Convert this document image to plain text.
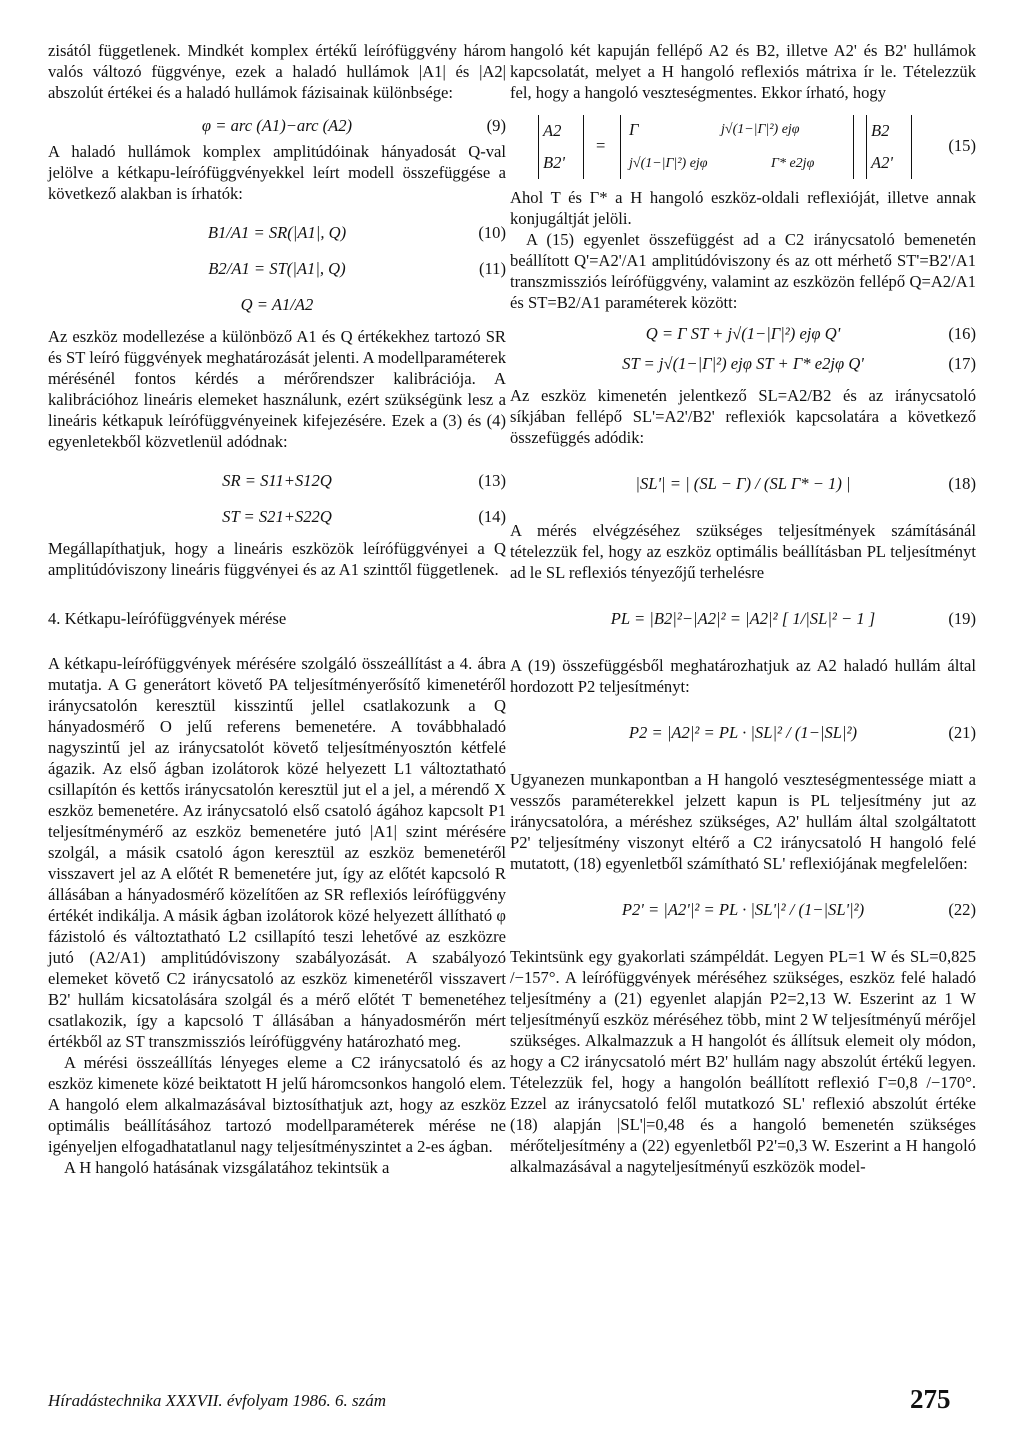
zisától függetlenek. Mindkét komplex értékű leírófüggvény három valós változó függvénye, ezek a haladó hullámok |A1| és |A2| abszolút értékei és a haladó hullámok fázisainak különbsége:

φ = arc (A1)−arc (A2)	(9)

A haladó hullámok komplex amplitúdóinak hányadosát Q-val jelölve a kétkapu-leírófüggvényekkel leírt modell összefüggése a következő alakban is írhatók:

B1/A1 = SR(|A1|, Q)	(10)
B2/A1 = ST(|A1|, Q)	(11)
Q = A1/A2

Az eszköz modellezése a különböző A1 és Q értékekhez tartozó SR és ST leíró függvények meghatározását jelenti. A modellparaméterek mérésénél fontos kérdés a mérőrendszer kalibrációja. A kalibrációhoz lineáris elemeket használunk, ezért szükségünk lesz a lineáris kétkapuk leírófüggvényeinek kifejezésére. Ezek a (3) és (4) egyenletekből közvetlenül adódnak:

SR = S11+S12Q	(13)
ST = S21+S22Q	(14)

Megállapíthatjuk, hogy a lineáris eszközök leírófüggvényei a Q amplitúdóviszony lineáris függvényei és az A1 szinttől függetlenek.

4. Kétkapu-leírófüggvények mérése

A kétkapu-leírófüggvények mérésére szolgáló összeállítást a 4. ábra mutatja. A G generátort követő PA teljesítményerősítő kimenetéről iránycsatolón keresztül kisszintű jellel csatlakozunk a Q hányadosmérő O jelű referens bemenetére. A továbbhaladó nagyszintű jel az iránycsatolót követő teljesítményosztón kétfelé ágazik. Az első ágban izolátorok közé helyezett L1 változtatható csillapítón és kettős iránycsatolón keresztül jut el a jel, a mérendő X eszköz bemenetére. Az iránycsatoló első csatoló ágához kapcsolt P1 teljesítménymérő az eszköz bemenetére jutó |A1| szint mérésére szolgál, a másik csatoló ágon keresztül az eszköz bemenetéről visszavert jel az A előtét R bemenetére jut, így az előtét kapcsoló R állásában a hányadosmérő közelítően az SR reflexiós leírófüggvény értékét indikálja. A másik ágban izolátorok közé helyezett állítható φ fázistoló és változtatható L2 csillapító teszi lehetővé az eszközre jutó (A2/A1) amplitúdóviszony szabályozását. A szabályozó elemeket követő C2 iránycsatoló az eszköz kimenetéről visszavert B2' hullám kicsatolására szolgál és a mérő előtét T bemenetéhez csatlakozik, így a kapcsoló T állásában a hányadosmérőn mért értékből az ST transzmissziós leírófüggvény határozható meg.

A mérési összeállítás lényeges eleme a C2 iránycsatoló és az eszköz kimenete közé beiktatott H jelű háromcsonkos hangoló elem. A hangoló elem alkalmazásával biztosíthatjuk azt, hogy az eszköz optimális beállításához tartozó modellparaméterek mérése ne igényeljen elfogadhatatlanul nagy teljesítményszintet a 2-es ágban.

A H hangoló hatásának vizsgálatához tekintsük a

hangoló két kapuján fellépő A2 és B2, illetve A2' és B2' hullámok kapcsolatát, melyet a H hangoló reflexiós mátrixa ír le. Tételezzük fel, hogy a hangoló veszteségmentes. Ekkor írható, hogy

A2
B2'
=
Γ	j√(1−|Γ|²) ejφ
j√(1−|Γ|²) ejφ	Γ* e2jφ
B2
A2'
(15)

Ahol T és Γ* a H hangoló eszköz-oldali reflexióját, illetve annak konjugáltját jelöli.

A (15) egyenlet összefüggést ad a C2 iránycsatoló bemenetén beállított Q'=A2'/A1 amplitúdóviszony és az ott mérhető ST'=B2'/A1 transzmissziós leírófüggvény, valamint az eszközön fellépő Q=A2/A1 és ST=B2/A1 paraméterek között:

Q = Γ ST + j√(1−|Γ|²) ejφ Q'	(16)
ST = j√(1−|Γ|²) ejφ ST + Γ* e2jφ Q'	(17)

Az eszköz kimenetén jelentkező SL=A2/B2 és az iránycsatoló síkjában fellépő SL'=A2'/B2' reflexiók kapcsolatára a következő összefüggés adódik:

|SL'| = | (SL − Γ) / (SL Γ* − 1) |	(18)

A mérés elvégzéséhez szükséges teljesítmények számításánál tételezzük fel, hogy az eszköz optimális beállításban PL teljesítményt ad le SL reflexiós tényezőjű terhelésre

PL = |B2|²−|A2|² = |A2|² [ 1/|SL|² − 1 ]	(19)

A (19) összefüggésből meghatározhatjuk az A2 haladó hullám által hordozott P2 teljesítményt:

P2 = |A2|² = PL · |SL|² / (1−|SL|²)	(21)

Ugyanezen munkapontban a H hangoló veszteségmentessége miatt a vesszős paraméterekkel jelzett kapun is PL teljesítmény jut az iránycsatolóra, a méréshez szükséges, A2' hullám által szolgáltatott P2' teljesítmény viszonyt eltérő a C2 iránycsatoló H hangoló felé mutatott, (18) egyenletből számítható SL' reflexiójának megfelelően:

P2' = |A2'|² = PL · |SL'|² / (1−|SL'|²)	(22)

Tekintsünk egy gyakorlati számpéldát. Legyen PL=1 W és SL=0,825 /−157°. A leírófüggvények méréséhez szükséges, eszköz felé haladó teljesítmény a (21) egyenlet alapján P2=2,13 W. Eszerint az 1 W teljesítményű eszköz méréséhez több, mint 2 W teljesítményű mérőjel szükséges. Alkalmazzuk a H hangolót és állítsuk elemeit oly módon, hogy a C2 iránycsatoló mért B2' hullám nagy abszolút értékű legyen. Tételezzük fel, hogy a hangolón beállított reflexió Γ=0,8 /−170°. Ezzel az iránycsatoló felől mutatkozó SL' reflexió abszolút értéke (18) alapján |SL'|=0,48 és a hangoló bemenetén szükséges mérőteljesítmény a (22) egyenletből P2'=0,3 W. Eszerint a H hangoló alkalmazásával a nagyteljesítményű eszközök model-

Híradástechnika XXXVII. évfolyam 1986. 6. szám	275
